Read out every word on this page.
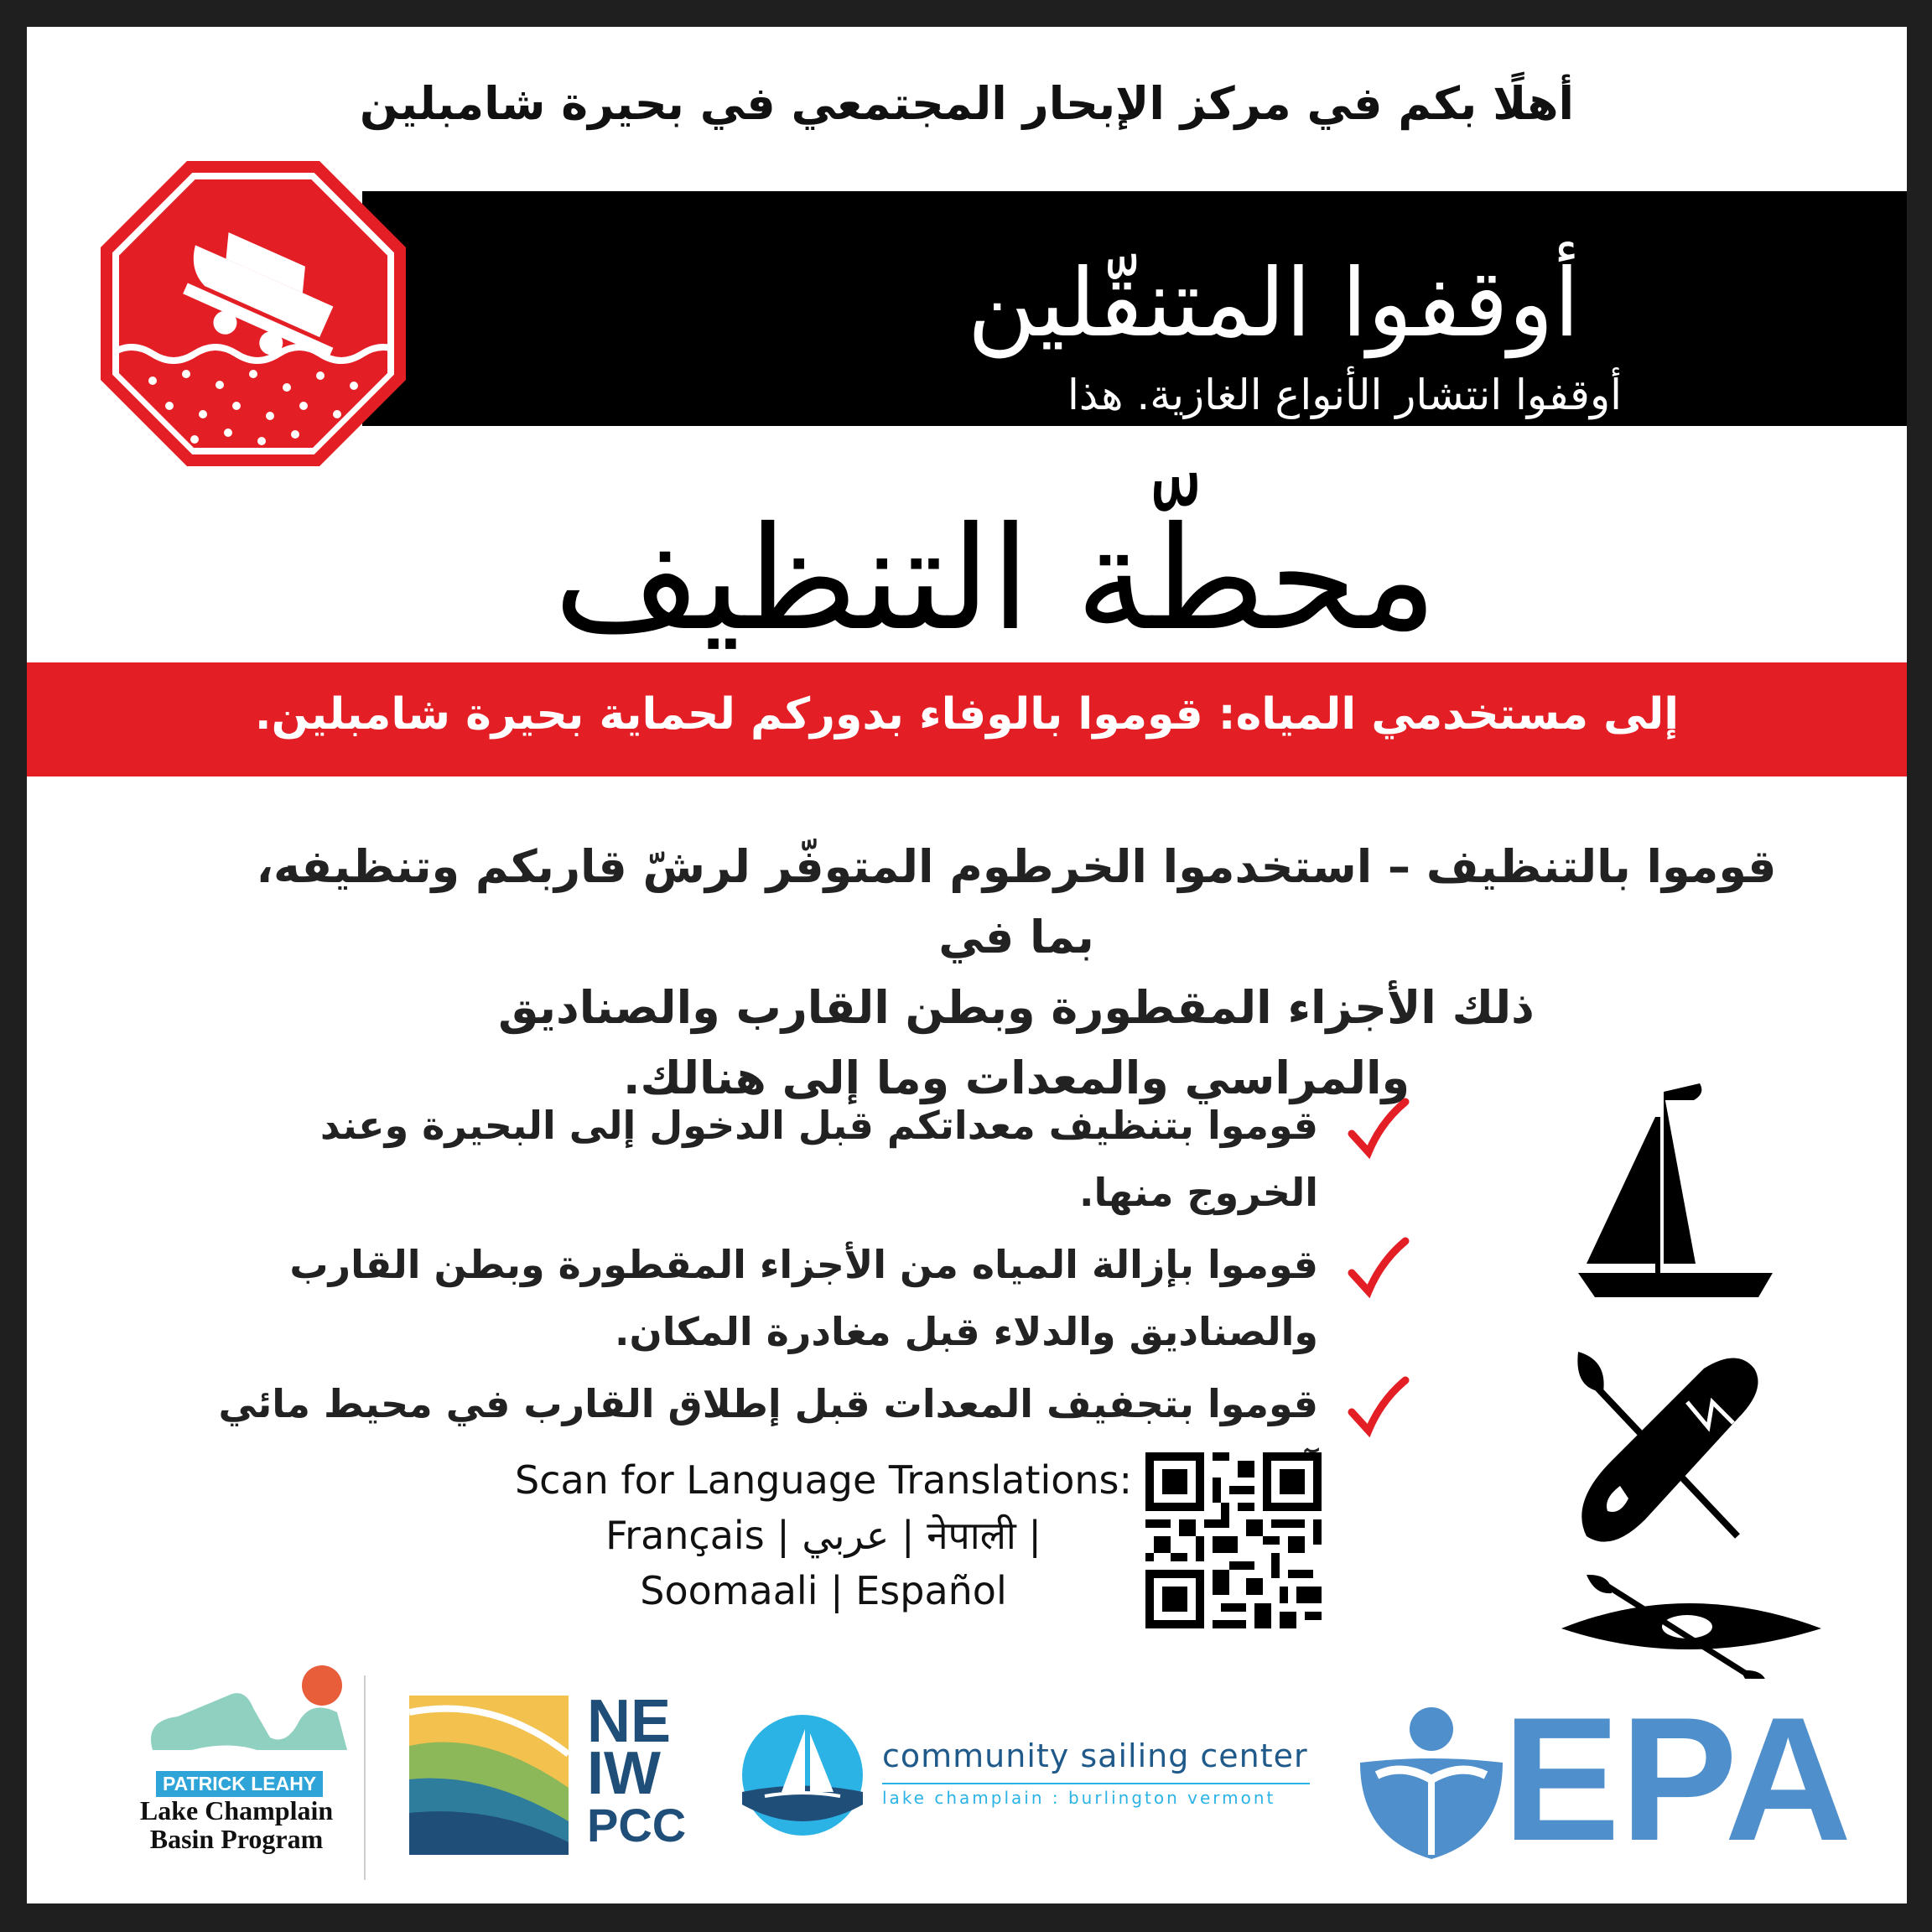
أهلًا بكم في مركز الإبحار المجتمعي في بحيرة شامبلين
أوقفوا المتنقّلين
أوقفوا انتشار الأنواع الغازية. هذا
محطّة التنظيف
إلى مستخدمي المياه: قوموا بالوفاء بدوركم لحماية بحيرة شامبلين.
قوموا بالتنظيف – استخدموا الخرطوم المتوفّر لرشّ قاربكم وتنظيفه، بما في
ذلك الأجزاء المقطورة وبطن القارب والصناديق
والمراسي والمعدات وما إلى هنالك.
قوموا بتنظيف معداتكم قبل الدخول إلى البحيرة وعند الخروج منها.
قوموا بإزالة المياه من الأجزاء المقطورة وبطن القارب والصناديق والدلاء قبل مغادرة المكان.
قوموا بتجفيف المعدات قبل إطلاق القارب في محيط مائي
Scan for Language Translations:
Français | عربي | नेपाली |
Soomaali | Español
PATRICK LEAHY
Lake Champlain
Basin Program
NE
IW
PCC
community sailing center
lake champlain : burlington vermont EPA
